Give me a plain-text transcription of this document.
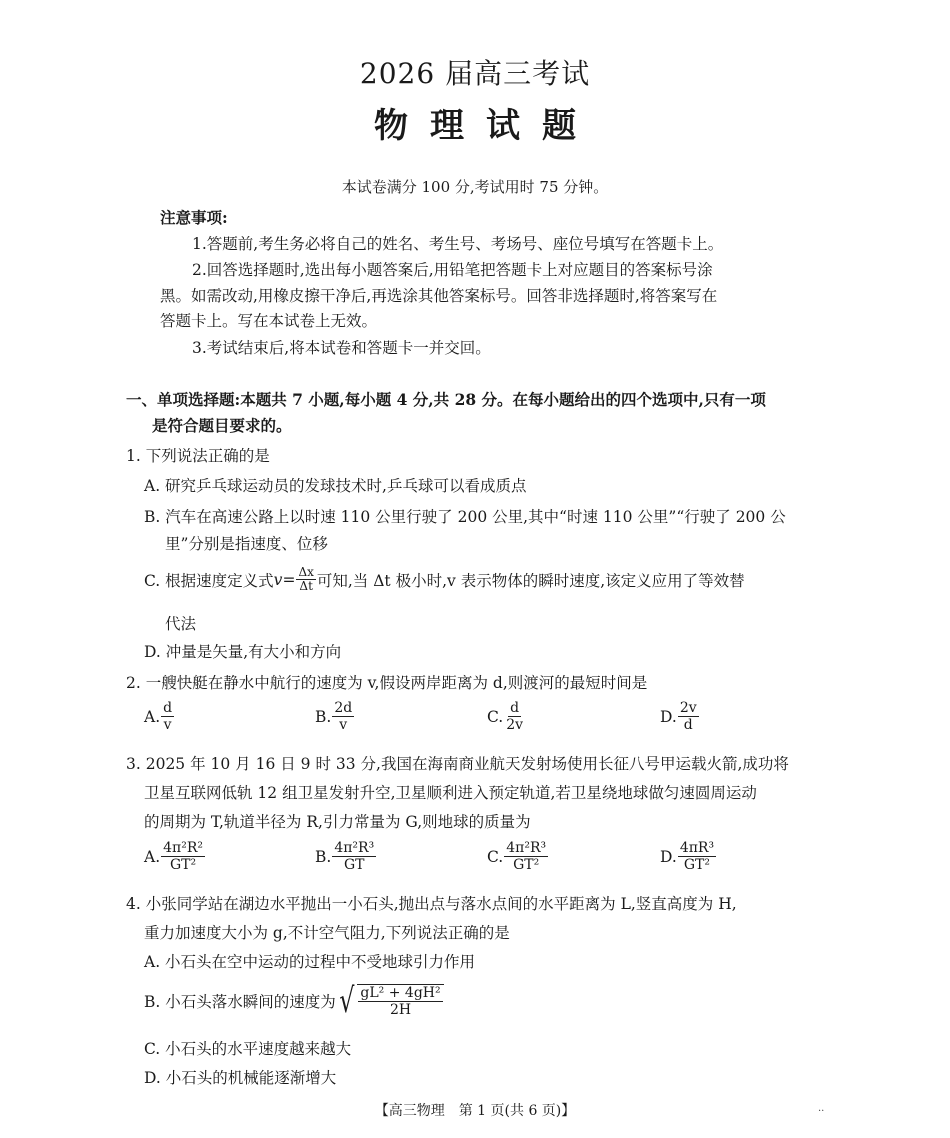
2026 届高三考试
物理试题
本试卷满分 100 分,考试用时 75 分钟。
注意事项:
1.答题前,考生务必将自己的姓名、考生号、考场号、座位号填写在答题卡上。
2.回答选择题时,选出每小题答案后,用铅笔把答题卡上对应题目的答案标号涂
黑。如需改动,用橡皮擦干净后,再选涂其他答案标号。回答非选择题时,将答案写在
答题卡上。写在本试卷上无效。
3.考试结束后,将本试卷和答题卡一并交回。
一、单项选择题:本题共 7 小题,每小题 4 分,共 28 分。在每小题给出的四个选项中,只有一项
是符合题目要求的。
1. 下列说法正确的是
A. 研究乒乓球运动员的发球技术时,乒乓球可以看成质点
B. 汽车在高速公路上以时速 110 公里行驶了 200 公里,其中“时速 110 公里”“行驶了 200 公
里”分别是指速度、位移
C. 根据速度定义式 $v = \frac{\Delta x}{\Delta t}$ 可知,当 Δt 极小时,v 表示物体的瞬时速度,该定义应用了等效替
代法
D. 冲量是矢量,有大小和方向
2. 一艘快艇在静水中航行的速度为 v,假设两岸距离为 d,则渡河的最短时间是
A. $\frac{d}{v}$	B. $\frac{2d}{v}$	C. $\frac{d}{2v}$	D. $\frac{2v}{d}$
3. 2025 年 10 月 16 日 9 时 33 分,我国在海南商业航天发射场使用长征八号甲运载火箭,成功将
卫星互联网低轨 12 组卫星发射升空,卫星顺利进入预定轨道,若卫星绕地球做匀速圆周运动
的周期为 T,轨道半径为 R,引力常量为 G,则地球的质量为
A. $\frac{\text{4π²R²}}{\text{GT²}}$	B. $\frac{\text{4π²R³}}{GT}$	C. $\frac{\text{4π²R³}}{\text{GT²}}$	D. $\frac{\text{4πR³}}{\text{GT²}}$
4. 小张同学站在湖边水平抛出一小石头,抛出点与落水点间的水平距离为 L,竖直高度为 H,
重力加速度大小为 g,不计空气阻力,下列说法正确的是
A. 小石头在空中运动的过程中不受地球引力作用
B. 小石头落水瞬间的速度为 √ $\frac{\text{gL² + 4gH²}}{2H}$
C. 小石头的水平速度越来越大
D. 小石头的机械能逐渐增大
【高三物理　第 1 页(共 6 页)】	..
